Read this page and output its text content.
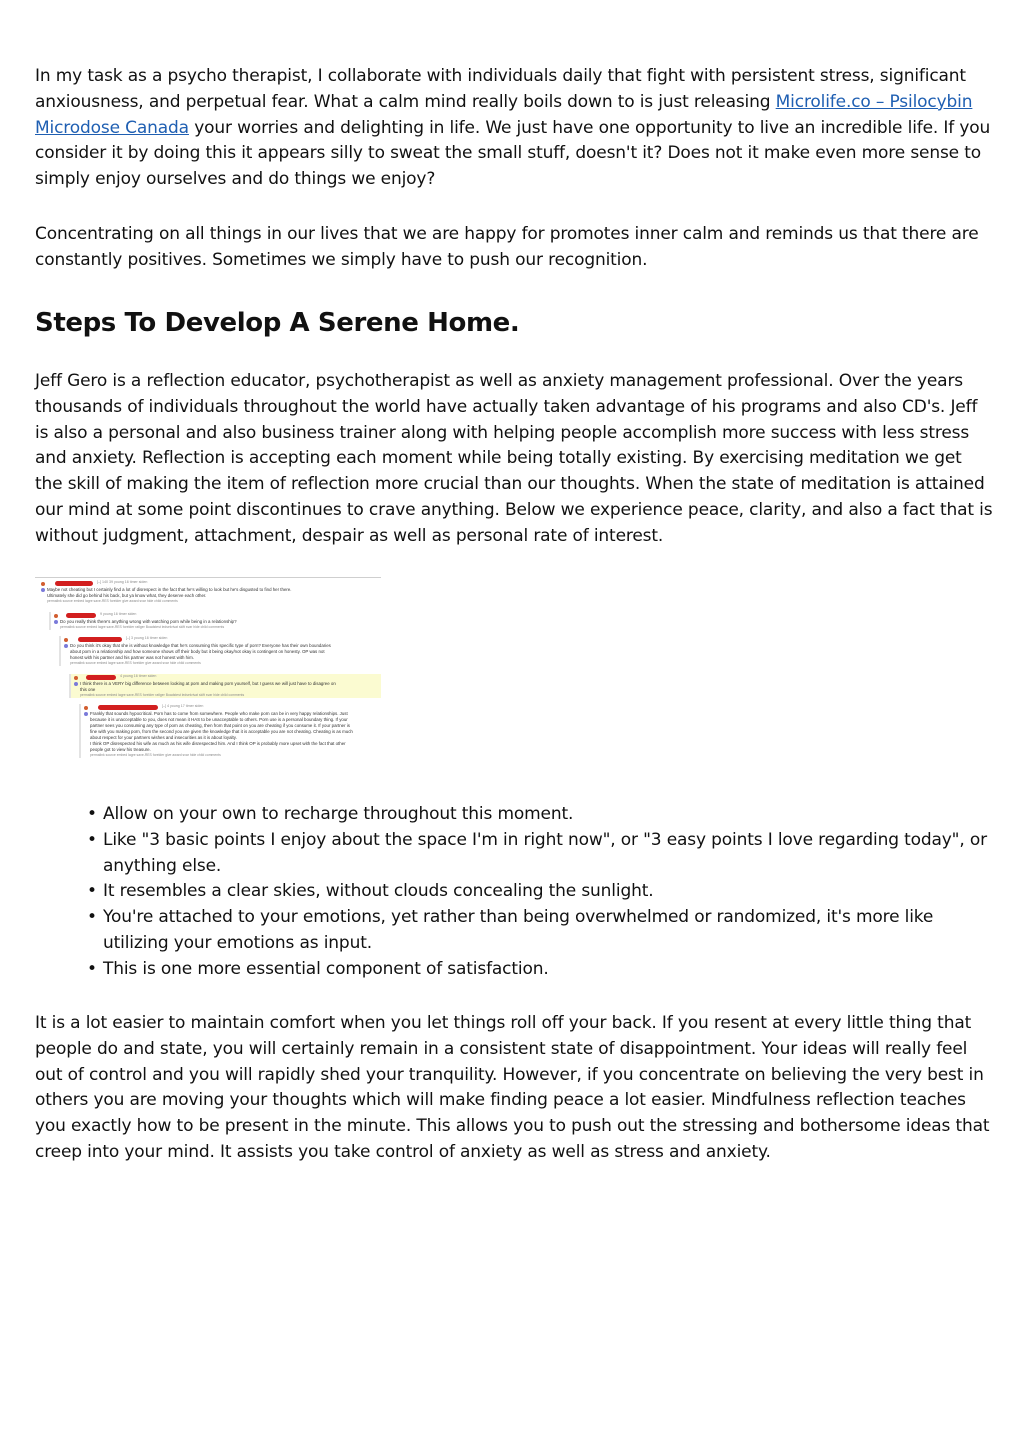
In my task as a psycho therapist, I collaborate with individuals daily that fight with persistent stress, significant anxiousness, and perpetual fear. What a calm mind really boils down to is just releasing Microlife.co – Psilocybin Microdose Canada your worries and delighting in life. We just have one opportunity to live an incredible life. If you consider it by doing this it appears silly to sweat the small stuff, doesn't it? Does not it make even more sense to simply enjoy ourselves and do things we enjoy?

Concentrating on all things in our lives that we are happy for promotes inner calm and reminds us that there are constantly positives. Sometimes we simply have to push our recognition.

Steps To Develop A Serene Home.

Jeff Gero is a reflection educator, psychotherapist as well as anxiety management professional. Over the years thousands of individuals throughout the world have actually taken advantage of his programs and also CD's. Jeff is also a personal and also business trainer along with helping people accomplish more success with less stress and anxiety. Reflection is accepting each moment while being totally existing. By exercising meditation we get the skill of making the item of reflection more crucial than our thoughts. When the state of meditation is attained our mind at some point discontinues to crave anything. Below we experience peace, clarity, and also a fact that is without judgment, attachment, despair as well as personal rate of interest.

[–] 140 39 young 16 timer siden
Maybe not cheating but I certainly find a lot of disrespect in the fact that he's willing to look but he's disgusted to find her there.
Ultimately she did go behind his back, but ya know what, they deserve each other.
permalink source embed lagre save-RES forelder give award svar hide child comments
9 young 16 timer siden
Do you really think there's anything wrong with watching porn while being in a relationship?
permalink source embed lagre save-RES forelder ratlger Boadstest ledsekrivat skift svar hide child comments
[–] 3 young 16 timer siden
Do you think it's okay that she is without knowledge that he's consuming this specific type of porn? Everyone has their own boundaries
about porn in a relationship and how someone shows off their body but it being okay/not okay is contingent on honesty. OP was not
honest with his partner and his partner was not honest with him.
permalink source embed lagre save-RES forelder give award svar hide child comments
4 young 16 timer siden
I think there is a VERY big difference between looking at porn and making porn yourself, but I guess we will just have to disagree on
this one
permalink source embed lagre save-RES forelder ratlger Boadstest ledsekrivat skift svar hide child comments
[–] 4 young 17 timer siden
Frankly that sounds hypocritical. Porn has to come from somewhere. People who make porn can be in very happy relationships. Just
because it is unacceptable to you, does not mean it HAS to be unacceptable to others. Porn use is a personal boundary thing. If your
partner sees you consuming any type of porn as cheating, then from that point on you are cheating if you consume it. If your partner is
fine with you making porn, from the second you are given the knowledge that it is acceptable you are not cheating. Cheating is as much
about respect for your partners wishes and insecurities as it is about loyalty.
I think OP disrespected his wife as much as his wife disrespected him. And I think OP is probably more upset with the fact that other
people got to view his treasure.
permalink source embed lagre save-RES forelder give award svar hide child comments
• Allow on your own to recharge throughout this moment.
• Like "3 basic points I enjoy about the space I'm in right now", or "3 easy points I love regarding today", or anything else.
• It resembles a clear skies, without clouds concealing the sunlight.
• You're attached to your emotions, yet rather than being overwhelmed or randomized, it's more like utilizing your emotions as input.
• This is one more essential component of satisfaction.

It is a lot easier to maintain comfort when you let things roll off your back. If you resent at every little thing that people do and state, you will certainly remain in a consistent state of disappointment. Your ideas will really feel out of control and you will rapidly shed your tranquility. However, if you concentrate on believing the very best in others you are moving your thoughts which will make finding peace a lot easier. Mindfulness reflection teaches you exactly how to be present in the minute. This allows you to push out the stressing and bothersome ideas that creep into your mind. It assists you take control of anxiety as well as stress and anxiety.
